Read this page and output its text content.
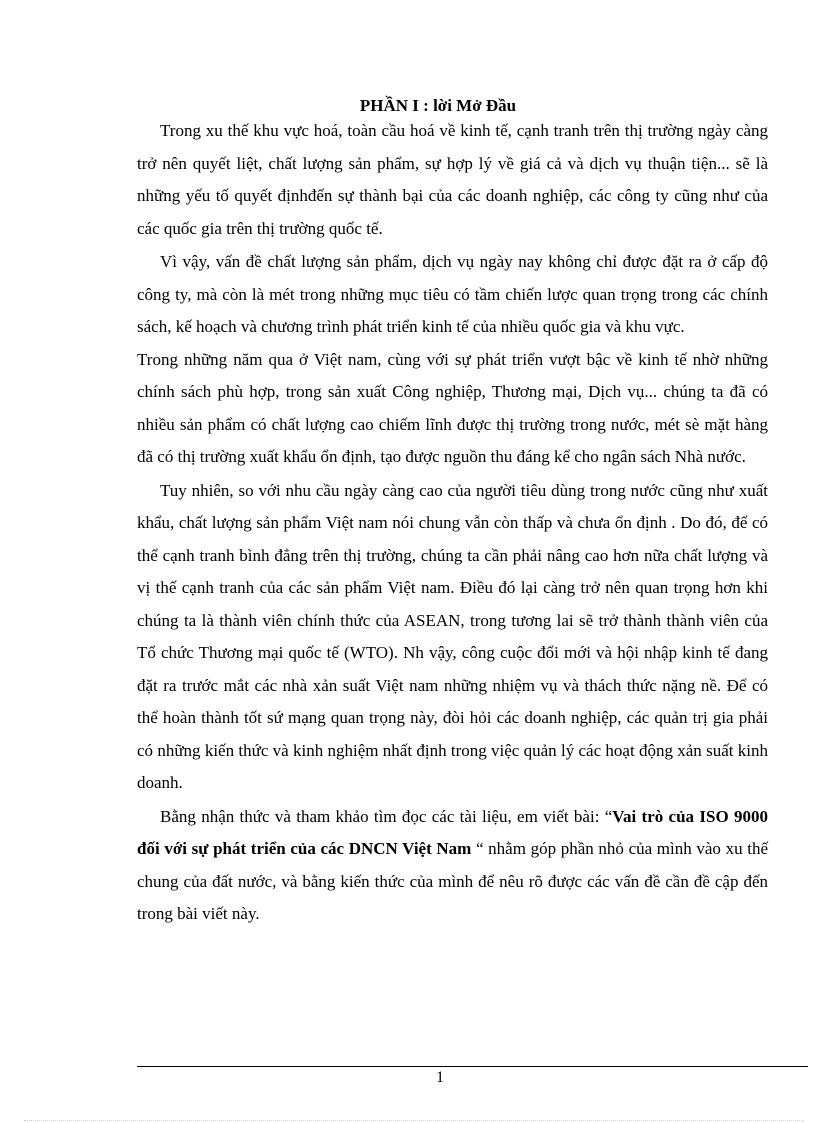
PHẦN I : lời Mở Đầu

Trong xu thế khu vực hoá, toàn cầu hoá về kinh tế, cạnh tranh trên thị trường ngày càng trở nên quyết liệt, chất lượng sản phẩm, sự hợp lý về giá cả và dịch vụ thuận tiện... sẽ là những yếu tố quyết địnhđến sự thành bại của các doanh nghiệp, các công ty cũng như của các quốc gia trên thị trường quốc tế.

Vì vậy, vấn đề chất lượng sản phẩm, dịch vụ ngày nay không chỉ được đặt ra ở cấp độ công ty, mà còn là mét trong những mục tiêu có tầm chiến lược quan trọng trong các chính sách, kế hoạch và chương trình phát triển kinh tế của nhiều quốc gia và khu vực.

Trong những năm qua ở Việt nam, cùng với sự phát triển vượt bậc về kinh tế nhờ những chính sách phù hợp, trong sản xuất Công nghiệp, Thương mại, Dịch vụ... chúng ta đã có nhiều sản phẩm có chất lượng cao chiếm lĩnh được thị trường trong nước, mét sè mặt hàng đã có thị trường xuất khẩu ổn định, tạo được nguồn thu đáng kể cho ngân sách Nhà nước.

Tuy nhiên, so với nhu cầu ngày càng cao của người tiêu dùng trong nước cũng như xuất khẩu, chất lượng sản phẩm Việt nam nói chung vẫn còn thấp và chưa ổn định . Do đó, để có thể cạnh tranh bình đẳng trên thị trường, chúng ta cần phải nâng cao hơn nữa chất lượng và vị thế cạnh tranh của các sản phẩm Việt nam. Điều đó lại càng trở nên quan trọng hơn khi chúng ta là thành viên chính thức của ASEAN, trong tương lai sẽ trở thành thành viên của Tổ chức Thương mại quốc tế (WTO). Nh vậy, công cuộc đổi mới và hội nhập kinh tế đang đặt ra trước mắt các nhà xản suất Việt nam những nhiệm vụ và thách thức nặng nề. Để có thể hoàn thành tốt sứ mạng quan trọng này, đòi hỏi các doanh nghiệp, các quản trị gia phải có những kiến thức và kinh nghiệm nhất định trong việc quản lý các hoạt động xản suất kinh doanh.

Bằng nhận thức và tham khảo tìm đọc các tài liệu, em viết bài: “Vai trò của ISO 9000 đối với sự phát triển của các DNCN Việt Nam “ nhằm góp phần nhỏ của mình vào xu thế chung của đất nước, và bằng kiến thức của mình để nêu rõ được các vấn đề cần đề cập đến trong bài viết này.

1
